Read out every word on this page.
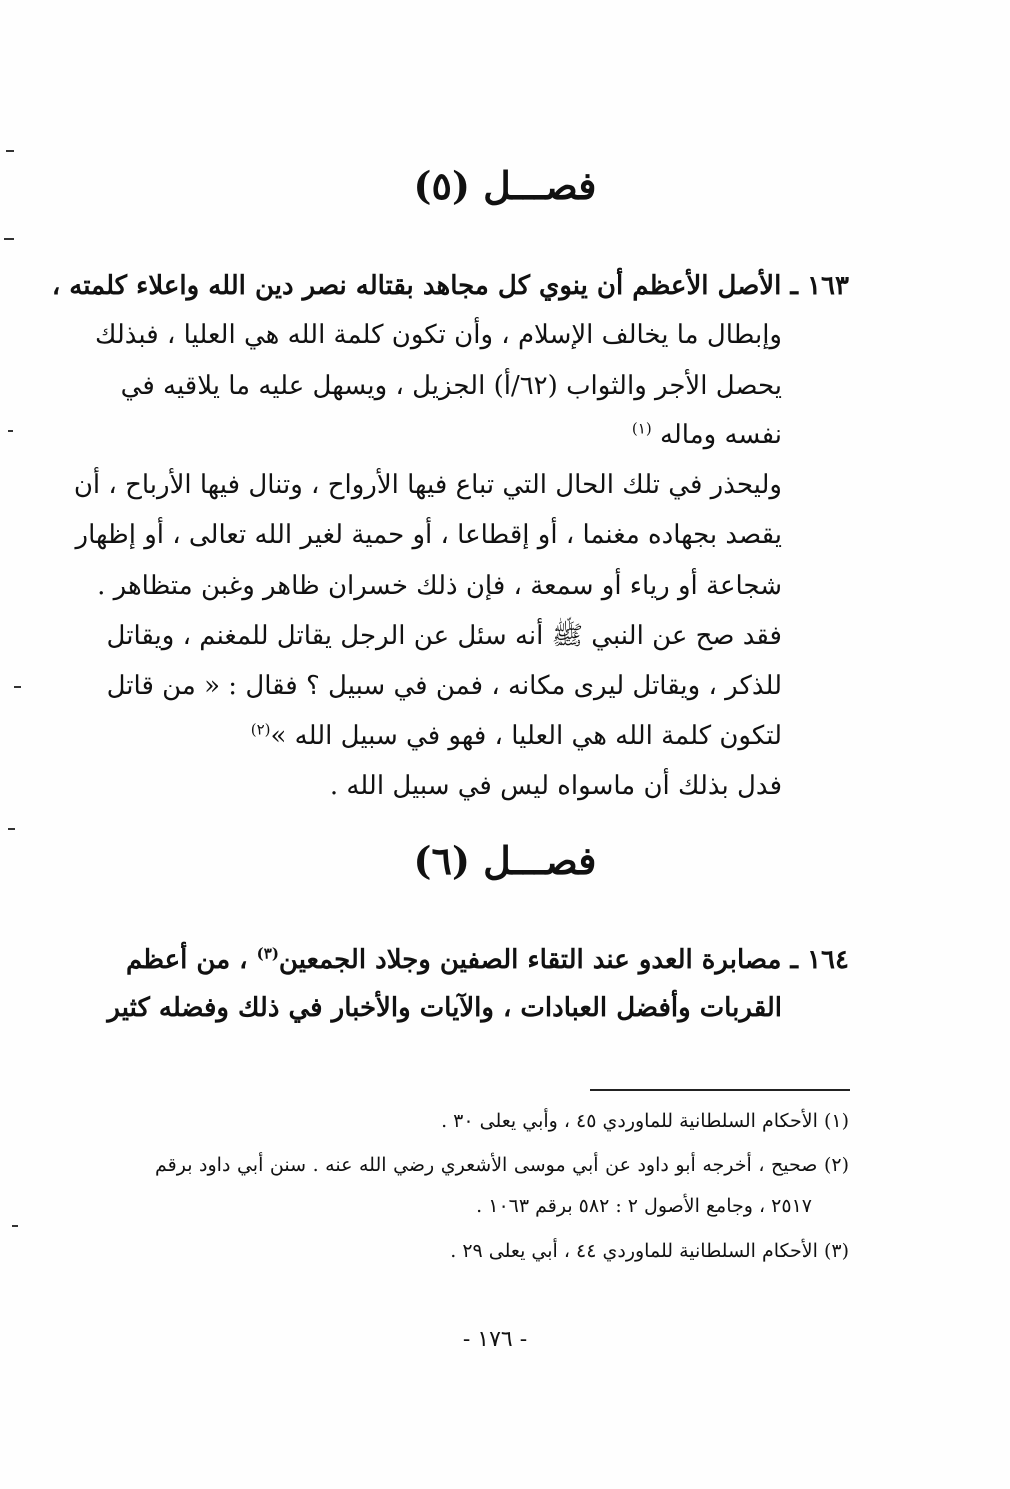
فصـــل (٥)
١٦٣ ـ الأصل الأعظم أن ينوي كل مجاهد بقتاله نصر دين الله واعلاء كلمته ،
وإبطال ما يخالف الإسلام ، وأن تكون كلمة الله هي العليا ، فبذلك
يحصل الأجر والثواب (٦٢/أ) الجزيل ، ويسهل عليه ما يلاقيه في
نفسه وماله $^{(١)}$
وليحذر في تلك الحال التي تباع فيها الأرواح ، وتنال فيها الأرباح ، أن
يقصد بجهاده مغنما ، أو إقطاعا ، أو حمية لغير الله تعالى ، أو إظهار
شجاعة أو رياء أو سمعة ، فإن ذلك خسران ظاهر وغبن متظاهر .
فقد صح عن النبي ﷺ أنه سئل عن الرجل يقاتل للمغنم ، ويقاتل
للذكر ، ويقاتل ليرى مكانه ، فمن في سبيل ؟ فقال : « من قاتل
لتكون كلمة الله هي العليا ، فهو في سبيل الله »$^{(٢)}$
فدل بذلك أن ماسواه ليس في سبيل الله .
فصـــل (٦)
١٦٤ ـ مصابرة العدو عند التقاء الصفين وجلاد الجمعين$^{(٣)}$ ، من أعظم
القربات وأفضل العبادات ، والآيات والأخبار في ذلك وفضله كثير
(١) الأحكام السلطانية للماوردي ٤٥ ، وأبي يعلى ٣٠ .
(٢) صحيح ، أخرجه أبو داود عن أبي موسى الأشعري رضي الله عنه . سنن أبي داود برقم
٢٥١٧ ، وجامع الأصول ٢ : ٥٨٢ برقم ١٠٦٣ .
(٣) الأحكام السلطانية للماوردي ٤٤ ، أبي يعلى ٢٩ .
- ١٧٦ -
